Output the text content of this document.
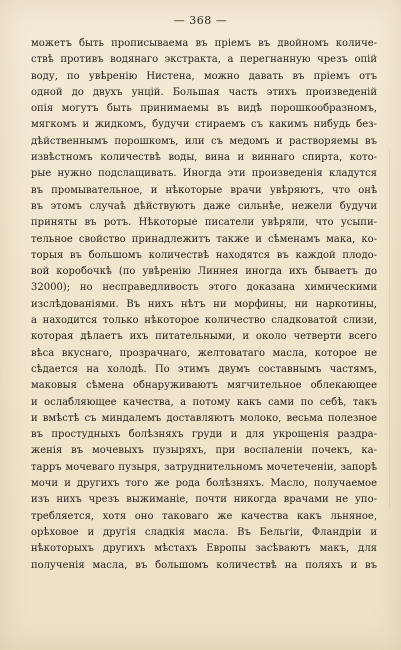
— 368 —
можетъ быть прописываема въ пріемъ въ двойномъ количе-
ствѣ противъ водянаго экстракта, а перегнанную чрезъ опій
воду, по увѣренію Нистена, можно давать въ пріемъ отъ
одной до двухъ унцій. Большая часть этихъ произведеній
опія могутъ быть принимаемы въ видѣ порошкообразномъ,
мягкомъ и жидкомъ, будучи стираемъ съ какимъ нибудь без-
дѣйственнымъ порошкомъ, или съ медомъ и растворяемы въ
извѣстномъ количествѣ воды, вина и виннаго спирта, кото-
рые нужно подслащивать. Иногда эти произведенія кладутся
въ промывательное, и нѣкоторые врачи увѣряютъ, что онѣ
въ этомъ случаѣ дѣйствуютъ даже сильнѣе, нежели будучи
приняты въ ротъ. Нѣкоторые писатели увѣряли, что усыпи-
тельное свойство принадлежитъ также и сѣменамъ мака, ко-
торыя въ большомъ количествѣ находятся въ каждой плодо-
вой коробочкѣ (по увѣренію Линнея иногда ихъ бываетъ до
32000); но несправедливость этого доказана химическими
изслѣдованіями. Въ нихъ нѣтъ ни морфины, ни наркотины,
а находится только нѣкоторое количество сладковатой слизи,
которая дѣлаетъ ихъ питательными, и около четверти всего
вѣса вкуснаго, прозрачнаго, желтоватаго масла, которое не
сѣдается на холодѣ. По этимъ двумъ составнымъ частямъ,
маковыя сѣмена обнаруживаютъ мягчительное облекающее
и ослабляющее качества, а потому какъ сами по себѣ, такъ
и вмѣстѣ съ миндалемъ доставляютъ молоко, весьма полезное
въ простудныхъ болѣзняхъ груди и для укрощенія раздра-
женія въ мочевыхъ пузыряхъ, при воспаленіи почекъ, ка-
тарръ мочеваго пузыря, затруднительномъ мочетеченіи, запорѣ
мочи и другихъ того же рода болѣзняхъ. Масло, получаемое
изъ нихъ чрезъ выжиманіе, почти никогда врачами не упо-
требляется, хотя оно таковаго же качества какъ льняное,
орѣховое и другія сладкія масла. Въ Бельгіи, Фландріи и
нѣкоторыхъ другихъ мѣстахъ Европы засѣваютъ макъ, для
полученія масла, въ большомъ количествѣ на поляхъ и въ
